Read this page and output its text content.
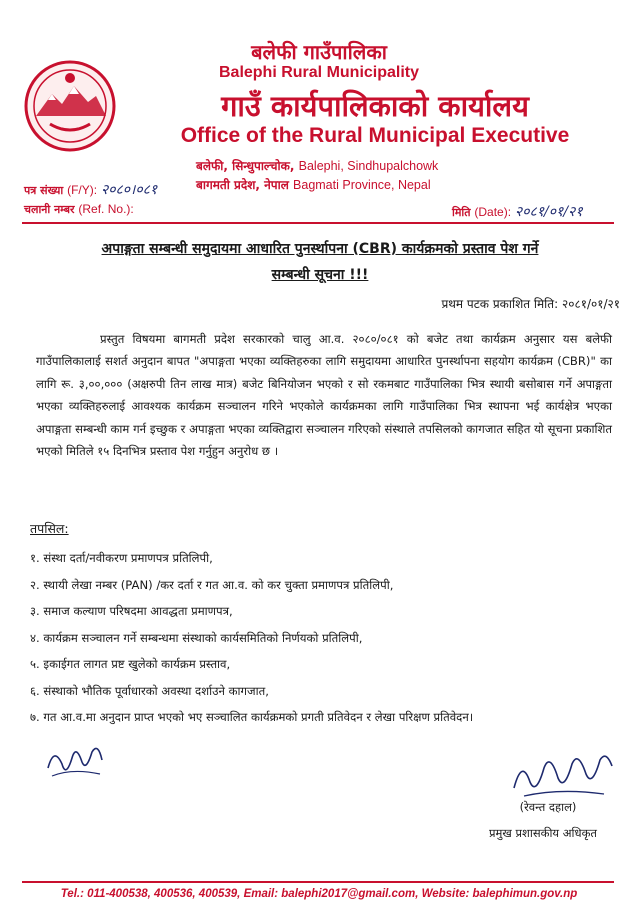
बलेफी गाउँपालिका
Balephi Rural Municipality
गाउँ कार्यपालिकाको कार्यालय
Office of the Rural Municipal Executive
बलेफी, सिन्धुपाल्चोक, Balephi, Sindhupalchowk
बागमती प्रदेश, नेपाल Bagmati Province, Nepal
पत्र संख्या (F/Y): २०८०।०८१
चलानी नम्बर (Ref. No.):	मिति (Date): २०८१/०१/२१
अपाङ्गता सम्बन्धी समुदायमा आधारित पुनर्स्थापना (CBR) कार्यक्रमको प्रस्ताव पेश गर्ने
सम्बन्धी सूचना !!!
प्रथम पटक प्रकाशित मिति: २०८१/०१/२१
प्रस्तुत विषयमा बागमती प्रदेश सरकारको चालु आ.व. २०८०/०८१ को बजेट तथा कार्यक्रम अनुसार यस बलेफी गाउँपालिकालाई सशर्त अनुदान बापत "अपाङ्गता भएका व्यक्तिहरुका लागि समुदायमा आधारित पुनर्स्थापना सहयोग कार्यक्रम (CBR)" का लागि रू. ३,००,००० (अक्षरुपी तिन लाख मात्र) बजेट बिनियोजन भएको र सो रकमबाट गाउँपालिका भित्र स्थायी बसोबास गर्ने अपाङ्गता भएका व्यक्तिहरुलाई आवश्यक कार्यक्रम सञ्चालन गरिने भएकोले कार्यक्रमका लागि गाउँपालिका भित्र स्थापना भई कार्यक्षेत्र भएका अपाङ्गता सम्बन्धी काम गर्न इच्छुक र अपाङ्गता भएका व्यक्तिद्वारा सञ्चालन गरिएको संस्थाले तपसिलको कागजात सहित यो सूचना प्रकाशित भएको मितिले १५ दिनभित्र प्रस्ताव पेश गर्नुहुन अनुरोध छ ।
तपसिल:
१. संस्था दर्ता/नवीकरण प्रमाणपत्र प्रतिलिपी,
२. स्थायी लेखा नम्बर (PAN) /कर दर्ता र गत आ.व. को कर चुक्ता प्रमाणपत्र प्रतिलिपी,
३. समाज कल्याण परिषदमा आवद्धता प्रमाणपत्र,
४. कार्यक्रम सञ्चालन गर्ने सम्बन्धमा संस्थाको कार्यसमितिको निर्णयको प्रतिलिपी,
५. इकाईगत लागत प्रष्ट खुलेको कार्यक्रम प्रस्ताव,
६. संस्थाको भौतिक पूर्वाधारको अवस्था दर्शाउने कागजात,
७. गत आ.व.मा अनुदान प्राप्त भएको भए सञ्चालित कार्यक्रमको प्रगती प्रतिवेदन र लेखा परिक्षण प्रतिवेदन।
(रेवन्त दहाल)
प्रमुख प्रशासकीय अधिकृत
Tel.: 011-400538, 400536, 400539, Email: balephi2017@gmail.com, Website: balephimun.gov.np
